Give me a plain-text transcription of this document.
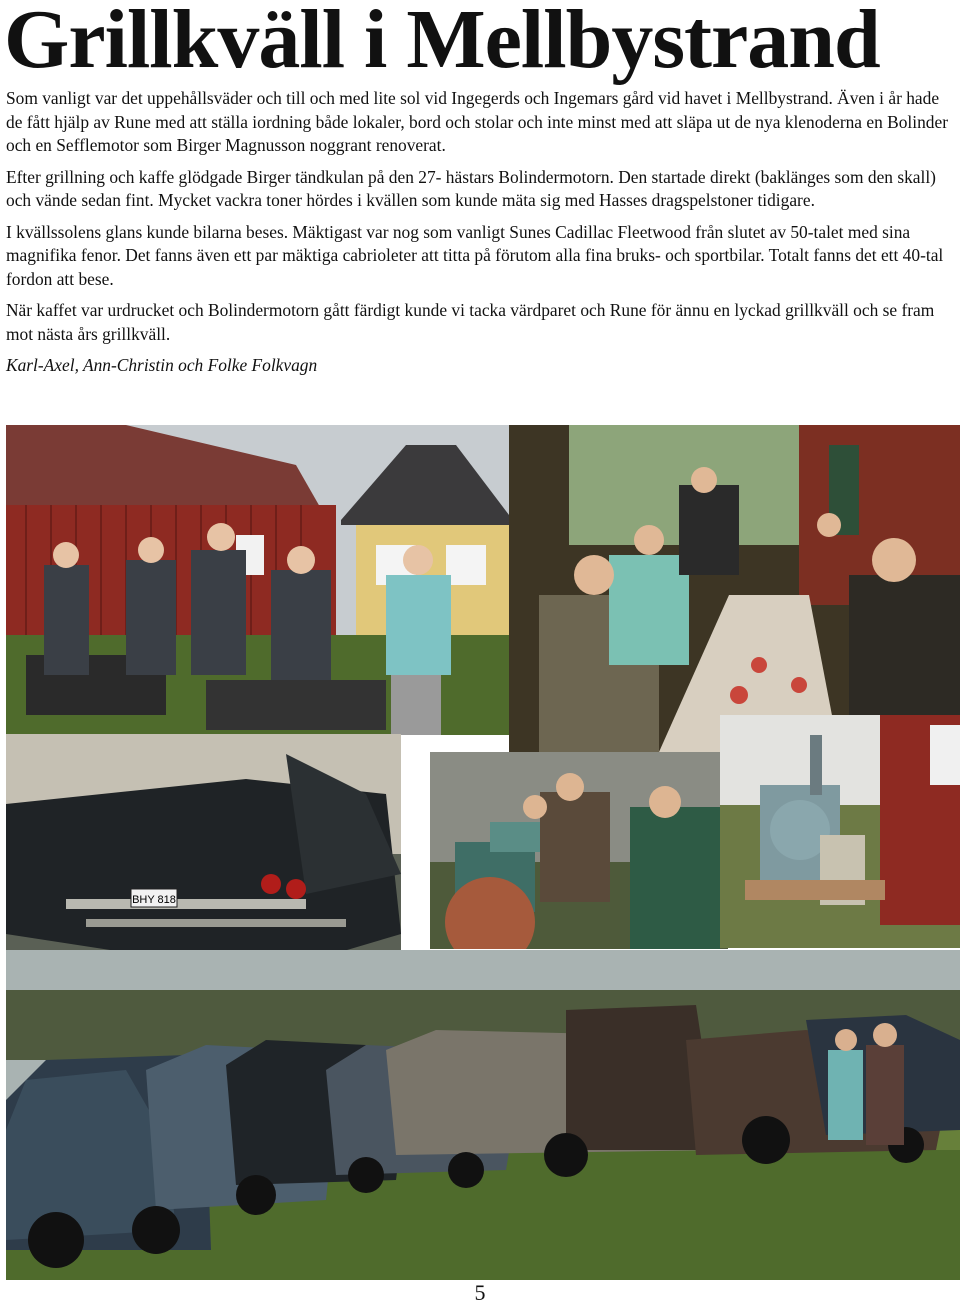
Grillkväll i Mellbystrand

Som vanligt var det uppehållsväder och till och med lite sol vid Ingegerds och Ingemars gård vid havet i Mellbystrand. Även i år hade de fått hjälp av Rune med att ställa iordning både lokaler, bord och stolar och inte minst med att släpa ut de nya klenoderna en Bolinder och en Sefflemotor som Birger Magnusson noggrant renoverat.

Efter grillning och kaffe glödgade Birger tändkulan på den 27- hästars Bolindermotorn. Den startade direkt (baklänges som den skall) och vände sedan fint. Mycket vackra toner hördes i kvällen som kunde mäta sig med Hasses dragspelstoner tidigare.

I kvällssolens glans kunde bilarna beses. Mäktigast var nog som vanligt Sunes Cadillac Fleetwood från slutet av 50-talet med sina magnifika fenor. Det fanns även ett par mäktiga cabrioleter att titta på förutom alla fina bruks- och sportbilar. Totalt fanns det ett 40-tal fordon att bese.

När kaffet var urdrucket och Bolindermotorn gått färdigt kunde vi tacka värdparet och Rune för ännu en lyckad grillkväll och se fram mot nästa års grillkväll.

Karl-Axel, Ann-Christin och Folke Folkvagn

BHY 818
5
